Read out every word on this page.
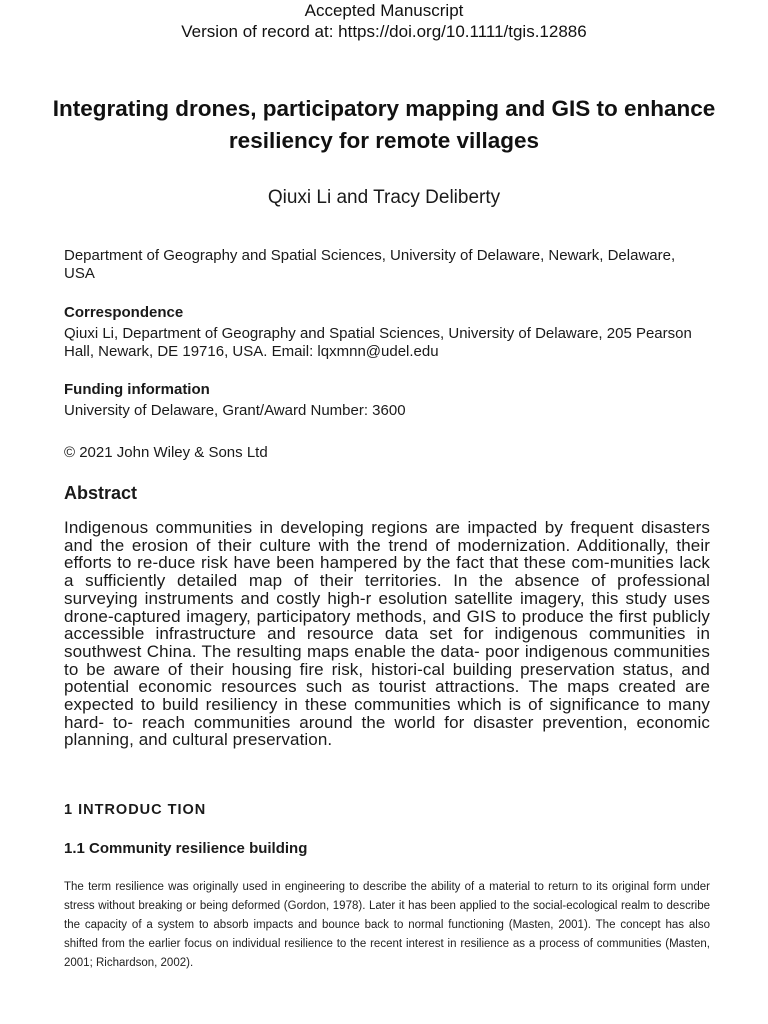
Accepted Manuscript
Version of record at: https://doi.org/10.1111/tgis.12886
Integrating drones, participatory mapping and GIS to enhance resiliency for remote villages
Qiuxi Li and Tracy Deliberty
Department of Geography and Spatial Sciences, University of Delaware, Newark, Delaware, USA
Correspondence
Qiuxi Li, Department of Geography and Spatial Sciences, University of Delaware, 205 Pearson Hall, Newark, DE 19716, USA. Email: lqxmnn@udel.edu
Funding information
University of Delaware, Grant/Award Number: 3600
© 2021 John Wiley & Sons Ltd
Abstract
Indigenous communities in developing regions are impacted by frequent disasters and the erosion of their culture with the trend of modernization. Additionally, their efforts to re-duce risk have been hampered by the fact that these com-munities lack a sufficiently detailed map of their territories. In the absence of professional surveying instruments and costly high-r esolution satellite imagery, this study uses drone-captured imagery, participatory methods, and GIS to produce the first publicly accessible infrastructure and resource data set for indigenous communities in southwest China. The resulting maps enable the data- poor indigenous communities to be aware of their housing fire risk, histori-cal building preservation status, and potential economic resources such as tourist attractions. The maps created are expected to build resiliency in these communities which is of significance to many hard- to- reach communities around the world for disaster prevention, economic planning, and cultural preservation.
1 INTRODUC TION
1.1 Community resilience building
The term resilience was originally used in engineering to describe the ability of a material to return to its original form under stress without breaking or being deformed (Gordon, 1978). Later it has been applied to the social-ecological realm to describe the capacity of a system to absorb impacts and bounce back to normal functioning (Masten, 2001). The concept has also shifted from the earlier focus on individual resilience to the recent interest in resilience as a process of communities (Masten, 2001; Richardson, 2002).
